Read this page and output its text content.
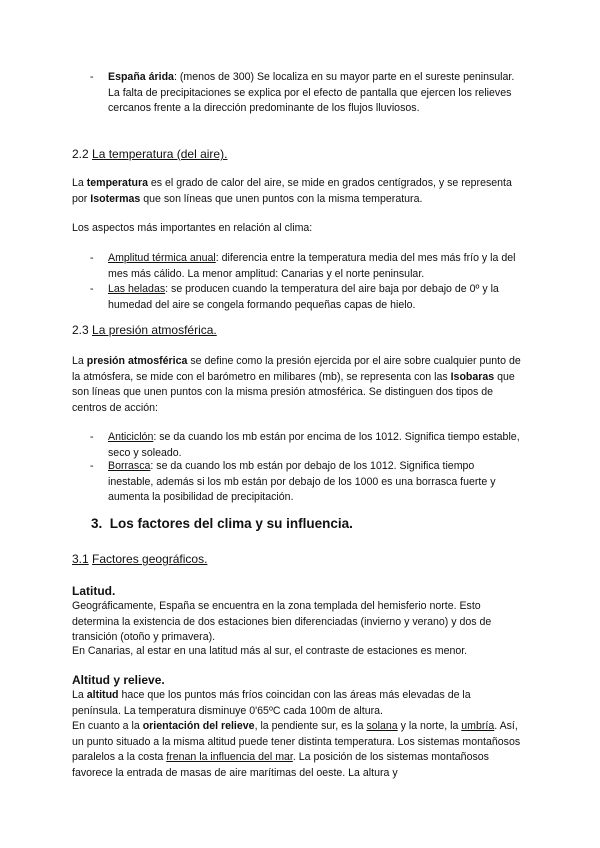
- España árida: (menos de 300) Se localiza en su mayor parte en el sureste peninsular. La falta de precipitaciones se explica por el efecto de pantalla que ejercen los relieves cercanos frente a la dirección predominante de los flujos lluviosos.
2.2 La temperatura (del aire).

La temperatura es el grado de calor del aire, se mide en grados centígrados, y se representa por Isotermas que son líneas que unen puntos con la misma temperatura.

Los aspectos más importantes en relación al clima:

- Amplitud térmica anual: diferencia entre la temperatura media del mes más frío y la del mes más cálido. La menor amplitud: Canarias y el norte peninsular.
- Las heladas: se producen cuando la temperatura del aire baja por debajo de 0º y la humedad del aire se congela formando pequeñas capas de hielo.
2.3 La presión atmosférica.

La presión atmosférica se define como la presión ejercida por el aire sobre cualquier punto de la atmósfera, se mide con el barómetro en milibares (mb), se representa con las Isobaras que son líneas que unen puntos con la misma presión atmosférica. Se distinguen dos tipos de centros de acción:

- Anticiclón: se da cuando los mb están por encima de los 1012. Significa tiempo estable, seco y soleado.
- Borrasca: se da cuando los mb están por debajo de los 1012. Significa tiempo inestable, además si los mb están por debajo de los 1000 es una borrasca fuerte y aumenta la posibilidad de precipitación.
3. Los factores del clima y su influencia.
3.1 Factores geográficos.
Latitud.

Geográficamente, España se encuentra en la zona templada del hemisferio norte. Esto determina la existencia de dos estaciones bien diferenciadas (invierno y verano) y dos de transición (otoño y primavera).

En Canarias, al estar en una latitud más al sur, el contraste de estaciones es menor.

Altitud y relieve.

La altitud hace que los puntos más fríos coincidan con las áreas más elevadas de la península. La temperatura disminuye 0'65ºC cada 100m de altura.

En cuanto a la orientación del relieve, la pendiente sur, es la solana y la norte, la umbría. Así, un punto situado a la misma altitud puede tener distinta temperatura. Los sistemas montañosos paralelos a la costa frenan la influencia del mar. La posición de los sistemas montañosos favorece la entrada de masas de aire marítimas del oeste. La altura y
